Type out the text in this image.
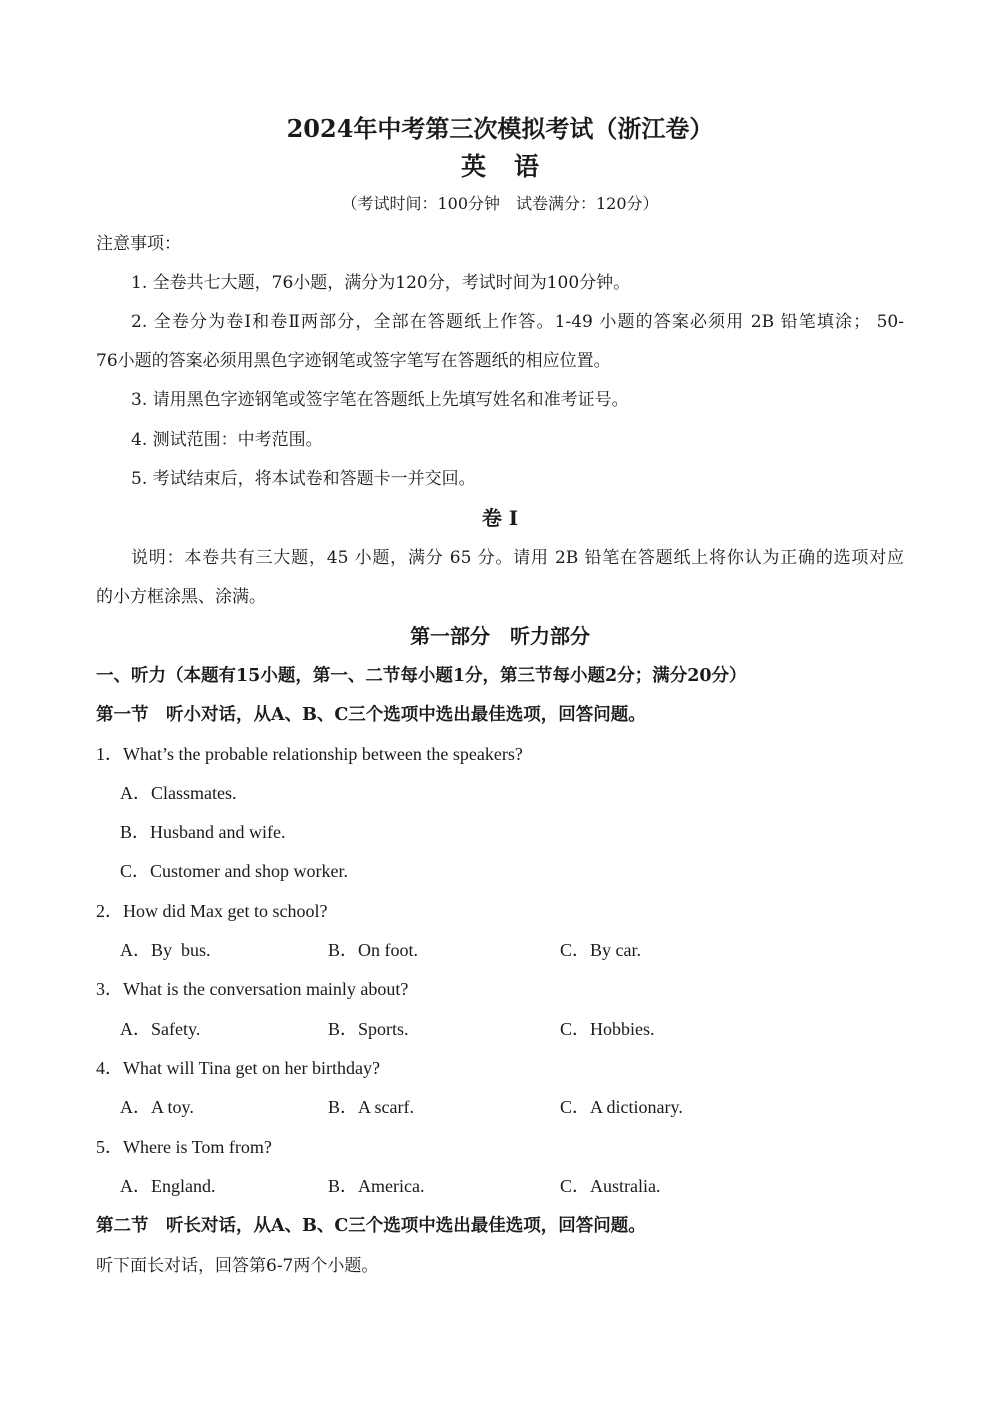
2024年中考第三次模拟考试（浙江卷）
英语
（考试时间：100分钟　试卷满分：120分）
注意事项：
1. 全卷共七大题，76小题，满分为120分，考试时间为100分钟。
2. 全卷分为卷Ⅰ和卷Ⅱ两部分，全部在答题纸上作答。1-49 小题的答案必须用 2B 铅笔填涂； 50-
76小题的答案必须用黑色字迹钢笔或签字笔写在答题纸的相应位置。
3. 请用黑色字迹钢笔或签字笔在答题纸上先填写姓名和准考证号。
4. 测试范围：中考范围。
5. 考试结束后，将本试卷和答题卡一并交回。
卷 I
说明：本卷共有三大题，45 小题，满分 65 分。请用 2B 铅笔在答题纸上将你认为正确的选项对应
的小方框涂黑、涂满。
第一部分　听力部分
一、听力（本题有15小题，第一、二节每小题1分，第三节每小题2分；满分20分）
第一节　听小对话，从A、B、C三个选项中选出最佳选项，回答问题。
1．What’s the probable relationship between the speakers?
A．Classmates.
B．Husband and wife.
C．Customer and shop worker.
2．How did Max get to school?
A．By  bus.	B．On foot.	C．By car.
3．What is the conversation mainly about?
A．Safety.	B．Sports.	C．Hobbies.
4．What will Tina get on her birthday?
A．A toy.	B．A scarf.	C．A dictionary.
5．Where is Tom from?
A．England.	B．America.	C．Australia.
第二节　听长对话，从A、B、C三个选项中选出最佳选项，回答问题。
听下面长对话，回答第6-7两个小题。
